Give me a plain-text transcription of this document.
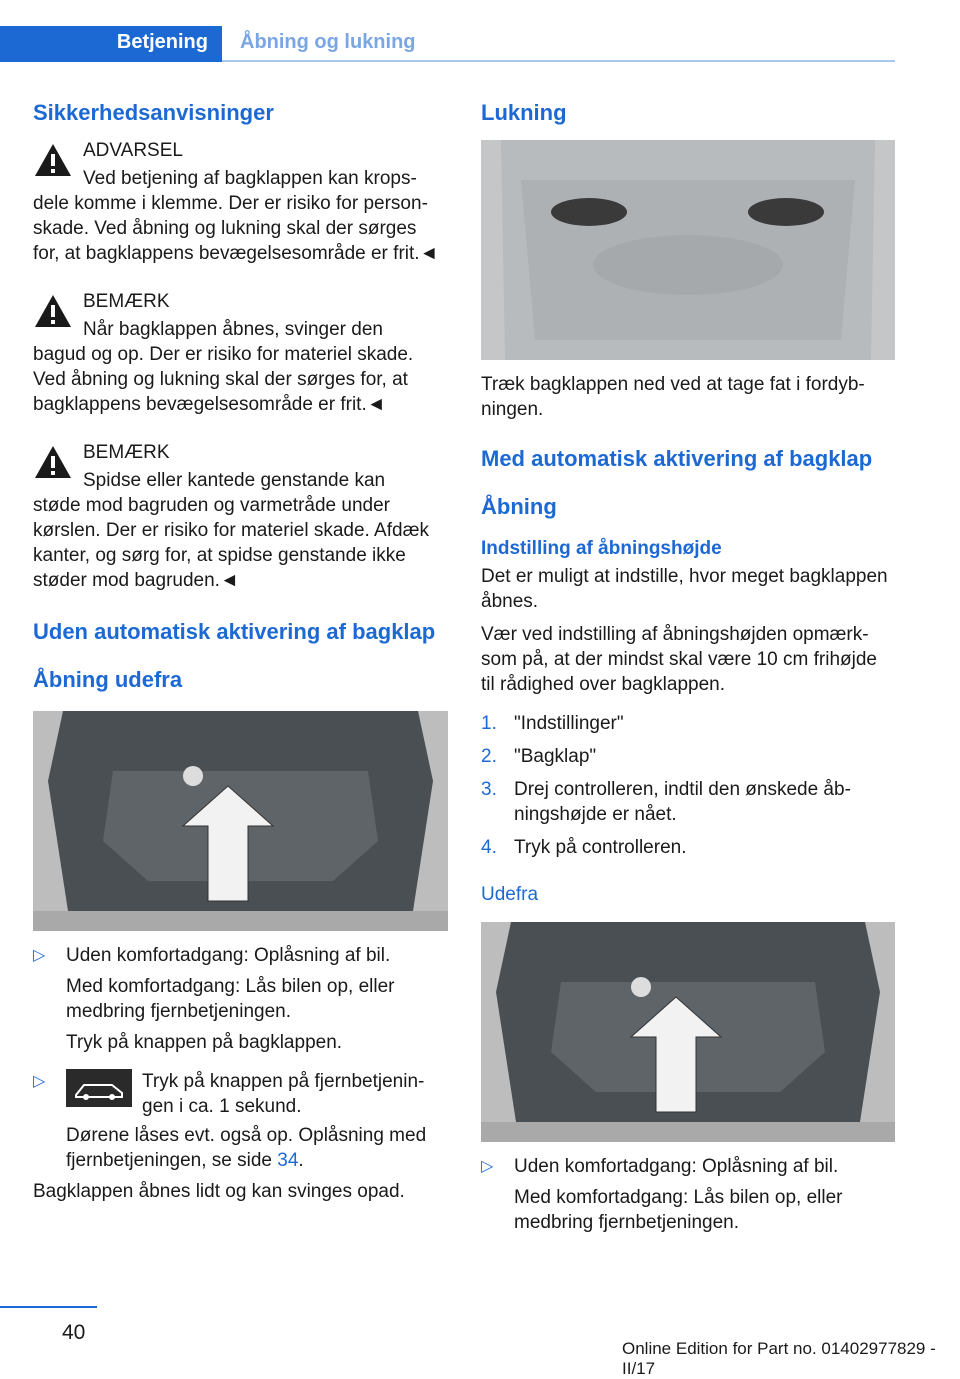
Betjening Åbning og lukning
Sikkerhedsanvisninger

ADVARSEL

Ved betjening af bagklappen kan krops-

dele komme i klemme. Der er risiko for personskade. Ved åbning og lukning skal der sørges for, at bagklappens bevægelsesområde er frit.◄

BEMÆRK

Når bagklappen åbnes, svinger den

bagud og op. Der er risiko for materiel skade. Ved åbning og lukning skal der sørges for, at bagklappens bevægelsesområde er frit.◄

BEMÆRK

Spidse eller kantede genstande kan

støde mod bagruden og varmetråde under kørslen. Der er risiko for materiel skade. Afdæk kanter, og sørg for, at spidse genstande ikke støder mod bagruden.◄

Uden automatisk aktivering af bagklap
Åbning udefra
▷ Uden komfortadgang: Oplåsning af bil.
Med komfortadgang: Lås bilen op, eller medbring fjernbetjeningen.
Tryk på knappen på bagklappen.
▷	Tryk på knappen på fjernbetjeningen i ca. 1 sekund.
Dørene låses evt. også op. Oplåsning med fjernbetjeningen, se side 34.

Bagklappen åbnes lidt og kan svinges opad.

Lukning

Træk bagklappen ned ved at tage fat i fordybningen.

Med automatisk aktivering af bagklap
Åbning
Indstilling af åbningshøjde

Det er muligt at indstille, hvor meget bagklappen åbnes.

Vær ved indstilling af åbningshøjden opmærksom på, at der mindst skal være 10 cm frihøjde til rådighed over bagklappen.

1. "Indstillinger"
2. "Bagklap"
3. Drej controlleren, indtil den ønskede åbningshøjde er nået.
4. Tryk på controlleren.
Udefra
▷ Uden komfortadgang: Oplåsning af bil.
Med komfortadgang: Lås bilen op, eller medbring fjernbetjeningen.
40
Online Edition for Part no. 01402977829 - II/17
